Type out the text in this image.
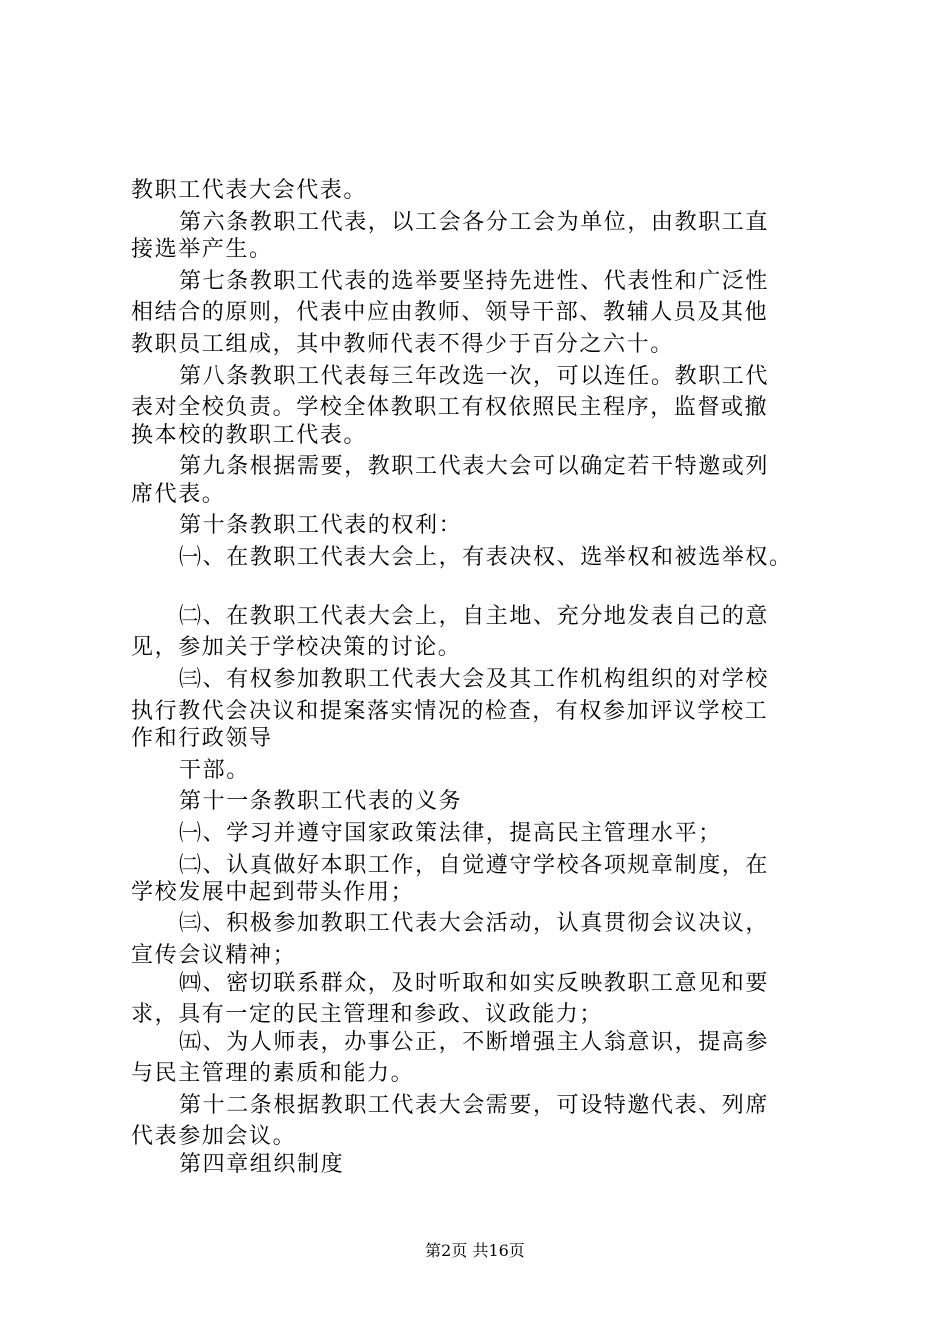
教职工代表大会代表。
第六条教职工代表，以工会各分工会为单位，由教职工直
接选举产生。
第七条教职工代表的选举要坚持先进性、代表性和广泛性
相结合的原则，代表中应由教师、领导干部、教辅人员及其他
教职员工组成，其中教师代表不得少于百分之六十。
第八条教职工代表每三年改选一次，可以连任。教职工代
表对全校负责。学校全体教职工有权依照民主程序，监督或撤
换本校的教职工代表。
第九条根据需要，教职工代表大会可以确定若干特邀或列
席代表。
第十条教职工代表的权利：
㈠、在教职工代表大会上，有表决权、选举权和被选举权。
㈡、在教职工代表大会上，自主地、充分地发表自己的意
见，参加关于学校决策的讨论。
㈢、有权参加教职工代表大会及其工作机构组织的对学校
执行教代会决议和提案落实情况的检查，有权参加评议学校工
作和行政领导
干部。
第十一条教职工代表的义务
㈠、学习并遵守国家政策法律，提高民主管理水平；
㈡、认真做好本职工作，自觉遵守学校各项规章制度，在
学校发展中起到带头作用；
㈢、积极参加教职工代表大会活动，认真贯彻会议决议，
宣传会议精神；
㈣、密切联系群众，及时听取和如实反映教职工意见和要
求，具有一定的民主管理和参政、议政能力；
㈤、为人师表，办事公正，不断增强主人翁意识，提高参
与民主管理的素质和能力。
第十二条根据教职工代表大会需要，可设特邀代表、列席
代表参加会议。
第四章组织制度
第2页 共16页
